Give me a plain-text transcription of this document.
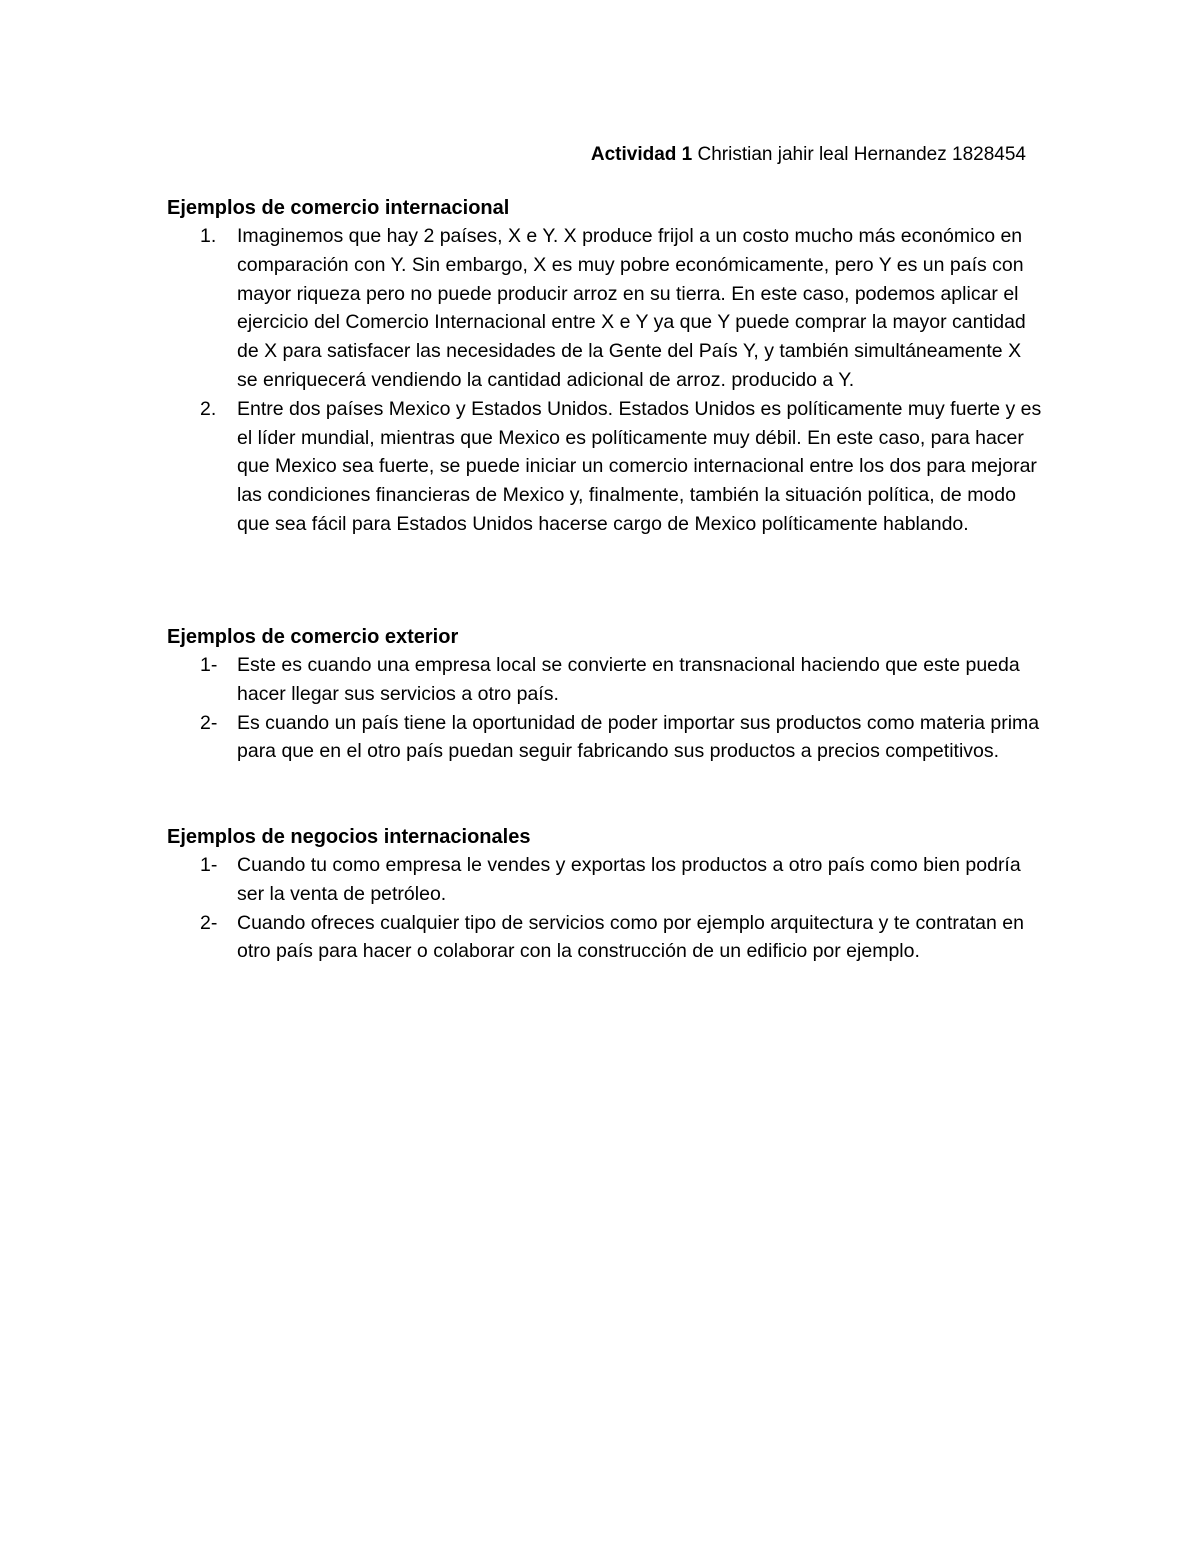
Actividad 1 Christian jahir leal Hernandez 1828454
Ejemplos de comercio internacional
1. Imaginemos que hay 2 países, X e Y. X produce frijol a un costo mucho más económico en comparación con Y. Sin embargo, X es muy pobre económicamente, pero Y es un país con mayor riqueza pero no puede producir arroz en su tierra. En este caso, podemos aplicar el ejercicio del Comercio Internacional entre X e Y ya que Y puede comprar la mayor cantidad de X para satisfacer las necesidades de la Gente del País Y, y también simultáneamente X se enriquecerá vendiendo la cantidad adicional de arroz. producido a Y.
2. Entre dos países Mexico y Estados Unidos. Estados Unidos es políticamente muy fuerte y es el líder mundial, mientras que Mexico es políticamente muy débil. En este caso, para hacer que Mexico sea fuerte, se puede iniciar un comercio internacional entre los dos para mejorar las condiciones financieras de Mexico y, finalmente, también la situación política, de modo que sea fácil para Estados Unidos hacerse cargo de Mexico políticamente hablando.
Ejemplos de comercio exterior
1- Este es cuando una empresa local se convierte en transnacional haciendo que este pueda hacer llegar sus servicios a otro país.
2- Es cuando un país tiene la oportunidad de poder importar sus productos como materia prima para que en el otro país puedan seguir fabricando sus productos a precios competitivos.
Ejemplos de negocios internacionales
1- Cuando tu como empresa le vendes y exportas los productos a otro país como bien podría ser la venta de petróleo.
2- Cuando ofreces cualquier tipo de servicios como por ejemplo arquitectura y te contratan en otro país para hacer o colaborar con la construcción de un edificio por ejemplo.
